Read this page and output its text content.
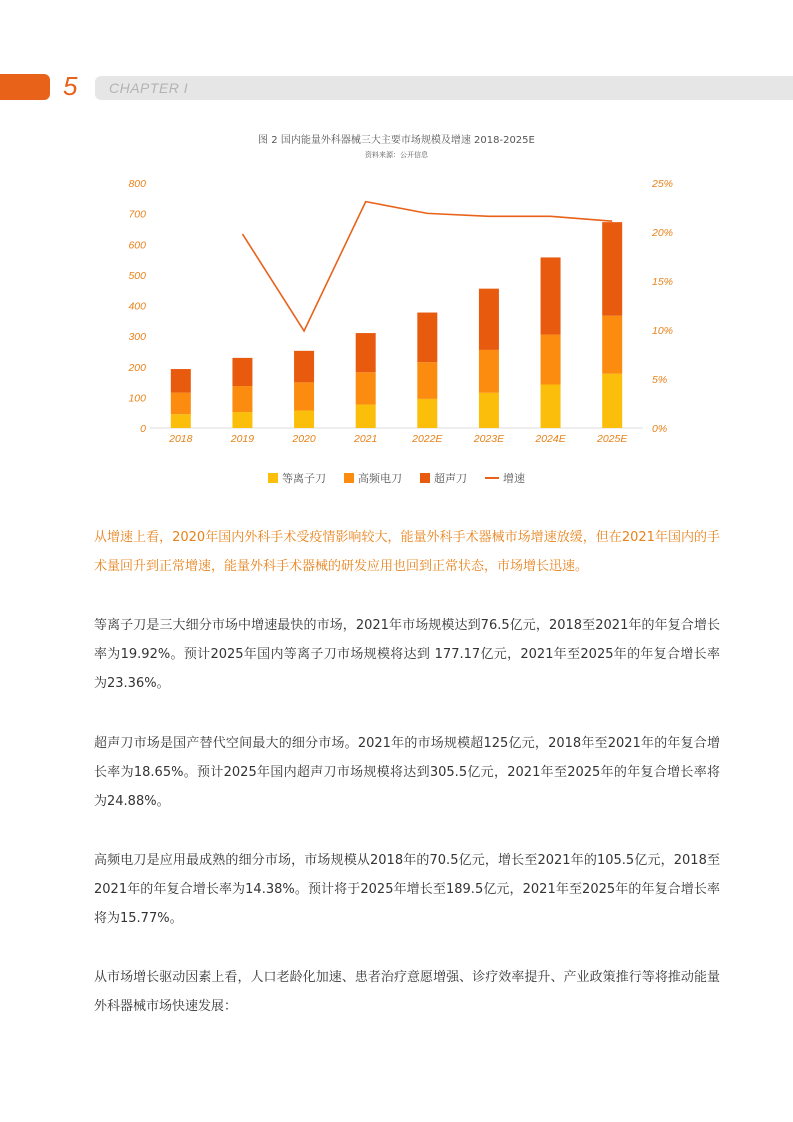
5 CHAPTER I
图 2 国内能量外科器械三大主要市场规模及增速 2018-2025E
资料来源：公开信息
0
100
200
300
400
500
600
700
800
0%
5%
10%
15%
20%
25%
2018	2019	2020	2021	2022E	2023E	2024E	2025E
等离子刀	高频电刀	超声刀	增速
从增速上看，2020年国内外科手术受疫情影响较大，能量外科手术器械市场增速放缓，但在2021年国内的手术量回升到正常增速，能量外科手术器械的研发应用也回到正常状态，市场增长迅速。
等离子刀是三大细分市场中增速最快的市场，2021年市场规模达到76.5亿元，2018至2021年的年复合增长率为19.92%。预计2025年国内等离子刀市场规模将达到 177.17亿元，2021年至2025年的年复合增长率为23.36%。
超声刀市场是国产替代空间最大的细分市场。2021年的市场规模超125亿元，2018年至2021年的年复合增长率为18.65%。预计2025年国内超声刀市场规模将达到305.5亿元，2021年至2025年的年复合增长率将为24.88%。
高频电刀是应用最成熟的细分市场，市场规模从2018年的70.5亿元，增长至2021年的105.5亿元，2018至2021年的年复合增长率为14.38%。预计将于2025年增长至189.5亿元，2021年至2025年的年复合增长率将为15.77%。
从市场增长驱动因素上看，人口老龄化加速、患者治疗意愿增强、诊疗效率提升、产业政策推行等将推动能量外科器械市场快速发展：
